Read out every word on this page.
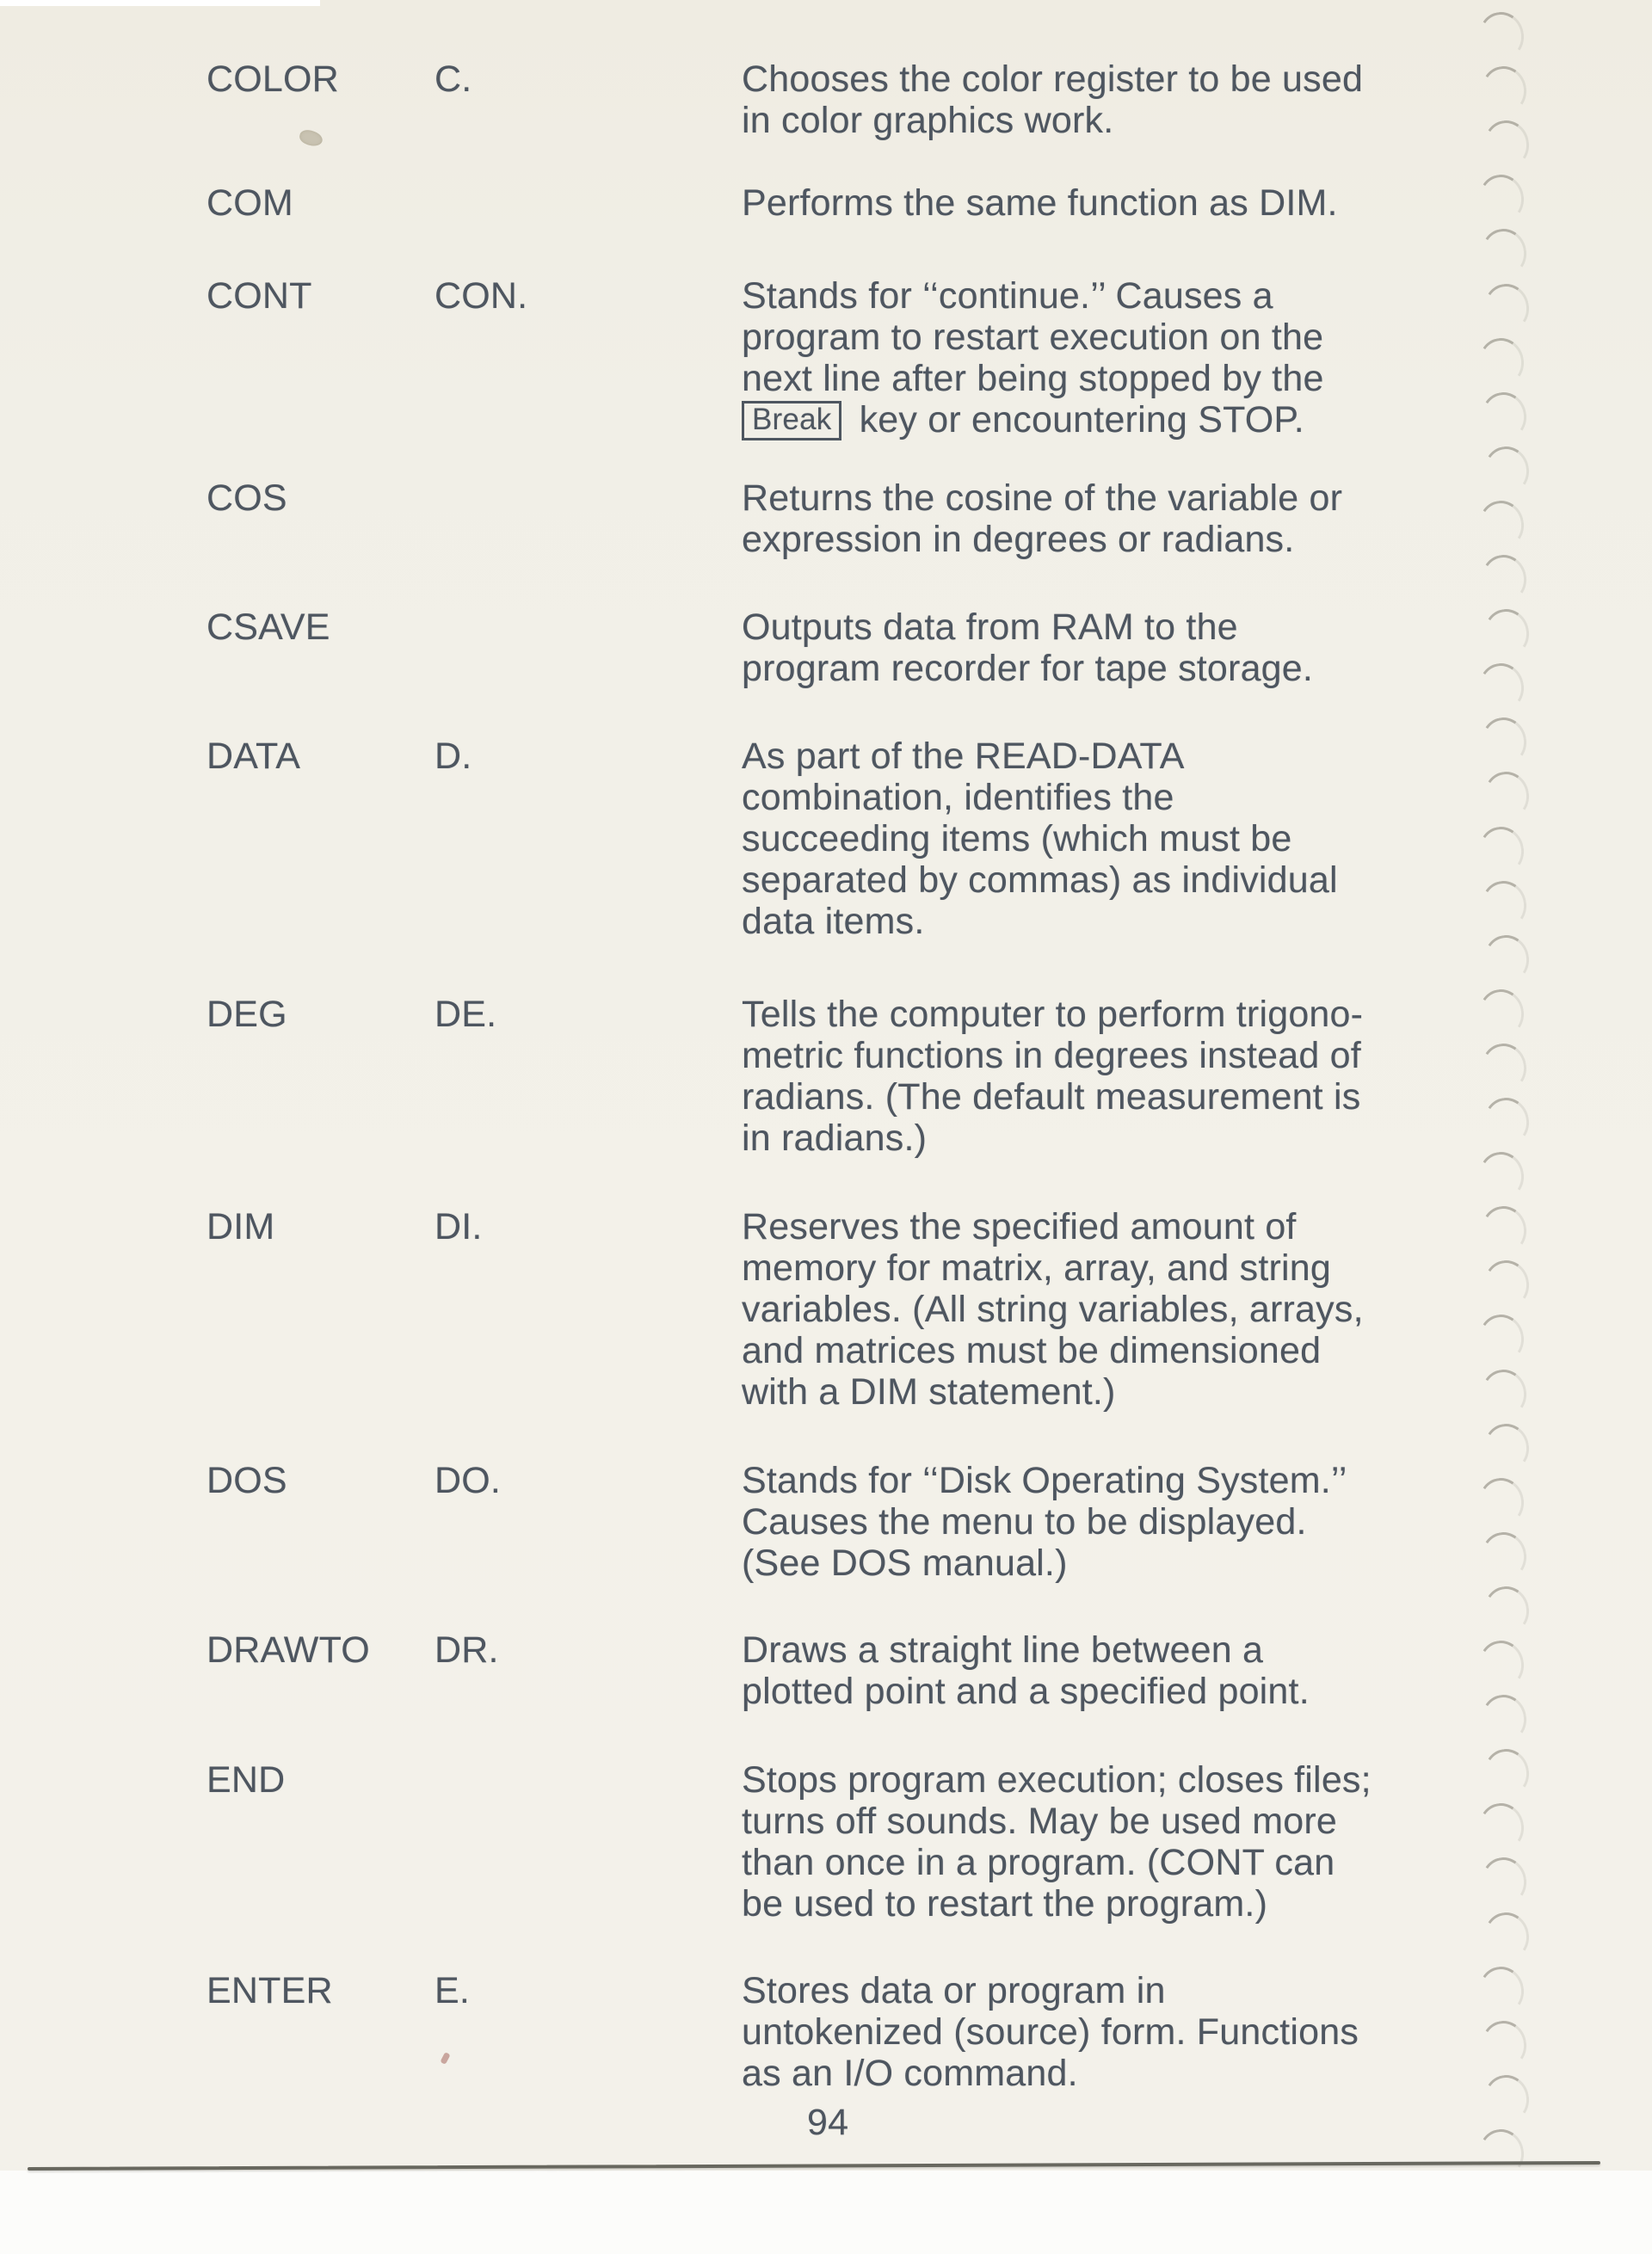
COLOR	C.	Chooses the color register to be used
in color graphics work.
COM	Performs the same function as DIM.
CONT	CON.	Stands for ‘‘continue.’’ Causes a
program to restart execution on the
next line after being stopped by the
Break key or encountering STOP.
COS	Returns the cosine of the variable or
expression in degrees or radians.
CSAVE	Outputs data from RAM to the
program recorder for tape storage.
DATA	D.	As part of the READ-DATA
combination, identifies the
succeeding items (which must be
separated by commas) as individual
data items.
DEG	DE.	Tells the computer to perform trigono-
metric functions in degrees instead of
radians. (The default measurement is
in radians.)
DIM	DI.	Reserves the specified amount of
memory for matrix, array, and string
variables. (All string variables, arrays,
and matrices must be dimensioned
with a DIM statement.)
DOS	DO.	Stands for ‘‘Disk Operating System.’’
Causes the menu to be displayed.
(See DOS manual.)
DRAWTO DR.	Draws a straight line between a
plotted point and a specified point.
END	Stops program execution; closes files;
turns off sounds. May be used more
than once in a program. (CONT can
be used to restart the program.)
ENTER	E.	Stores data or program in
untokenized (source) form. Functions
as an I/O command.
94
